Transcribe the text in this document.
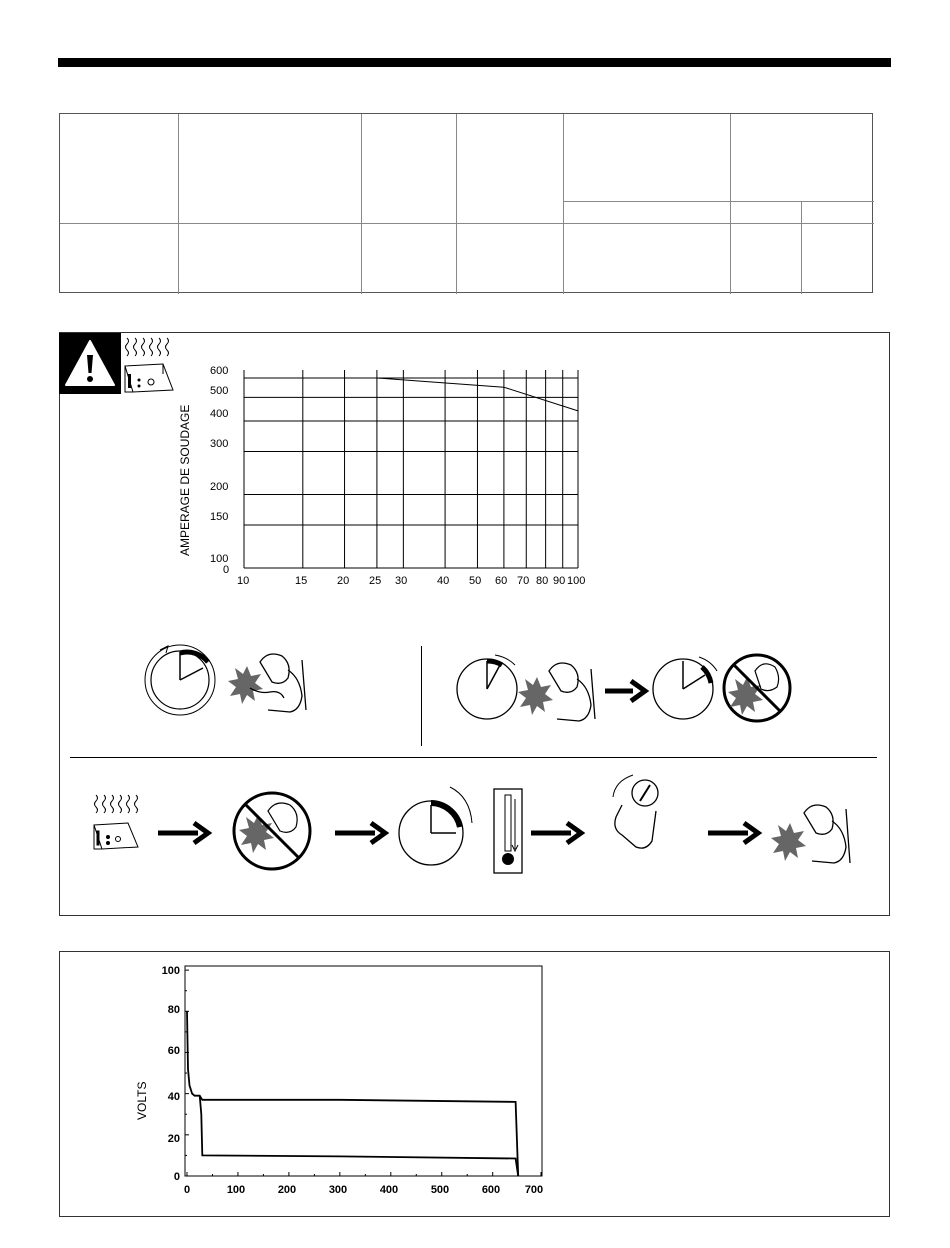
AMPERAGE DE SOUDAGE
600
500
400
300
200
150
100
0
10	15	20 25 30	40 50 60 70 80 90 100
VOLTS
100
80
60
40
20
0
0	100	200	300	400	500	600 700
